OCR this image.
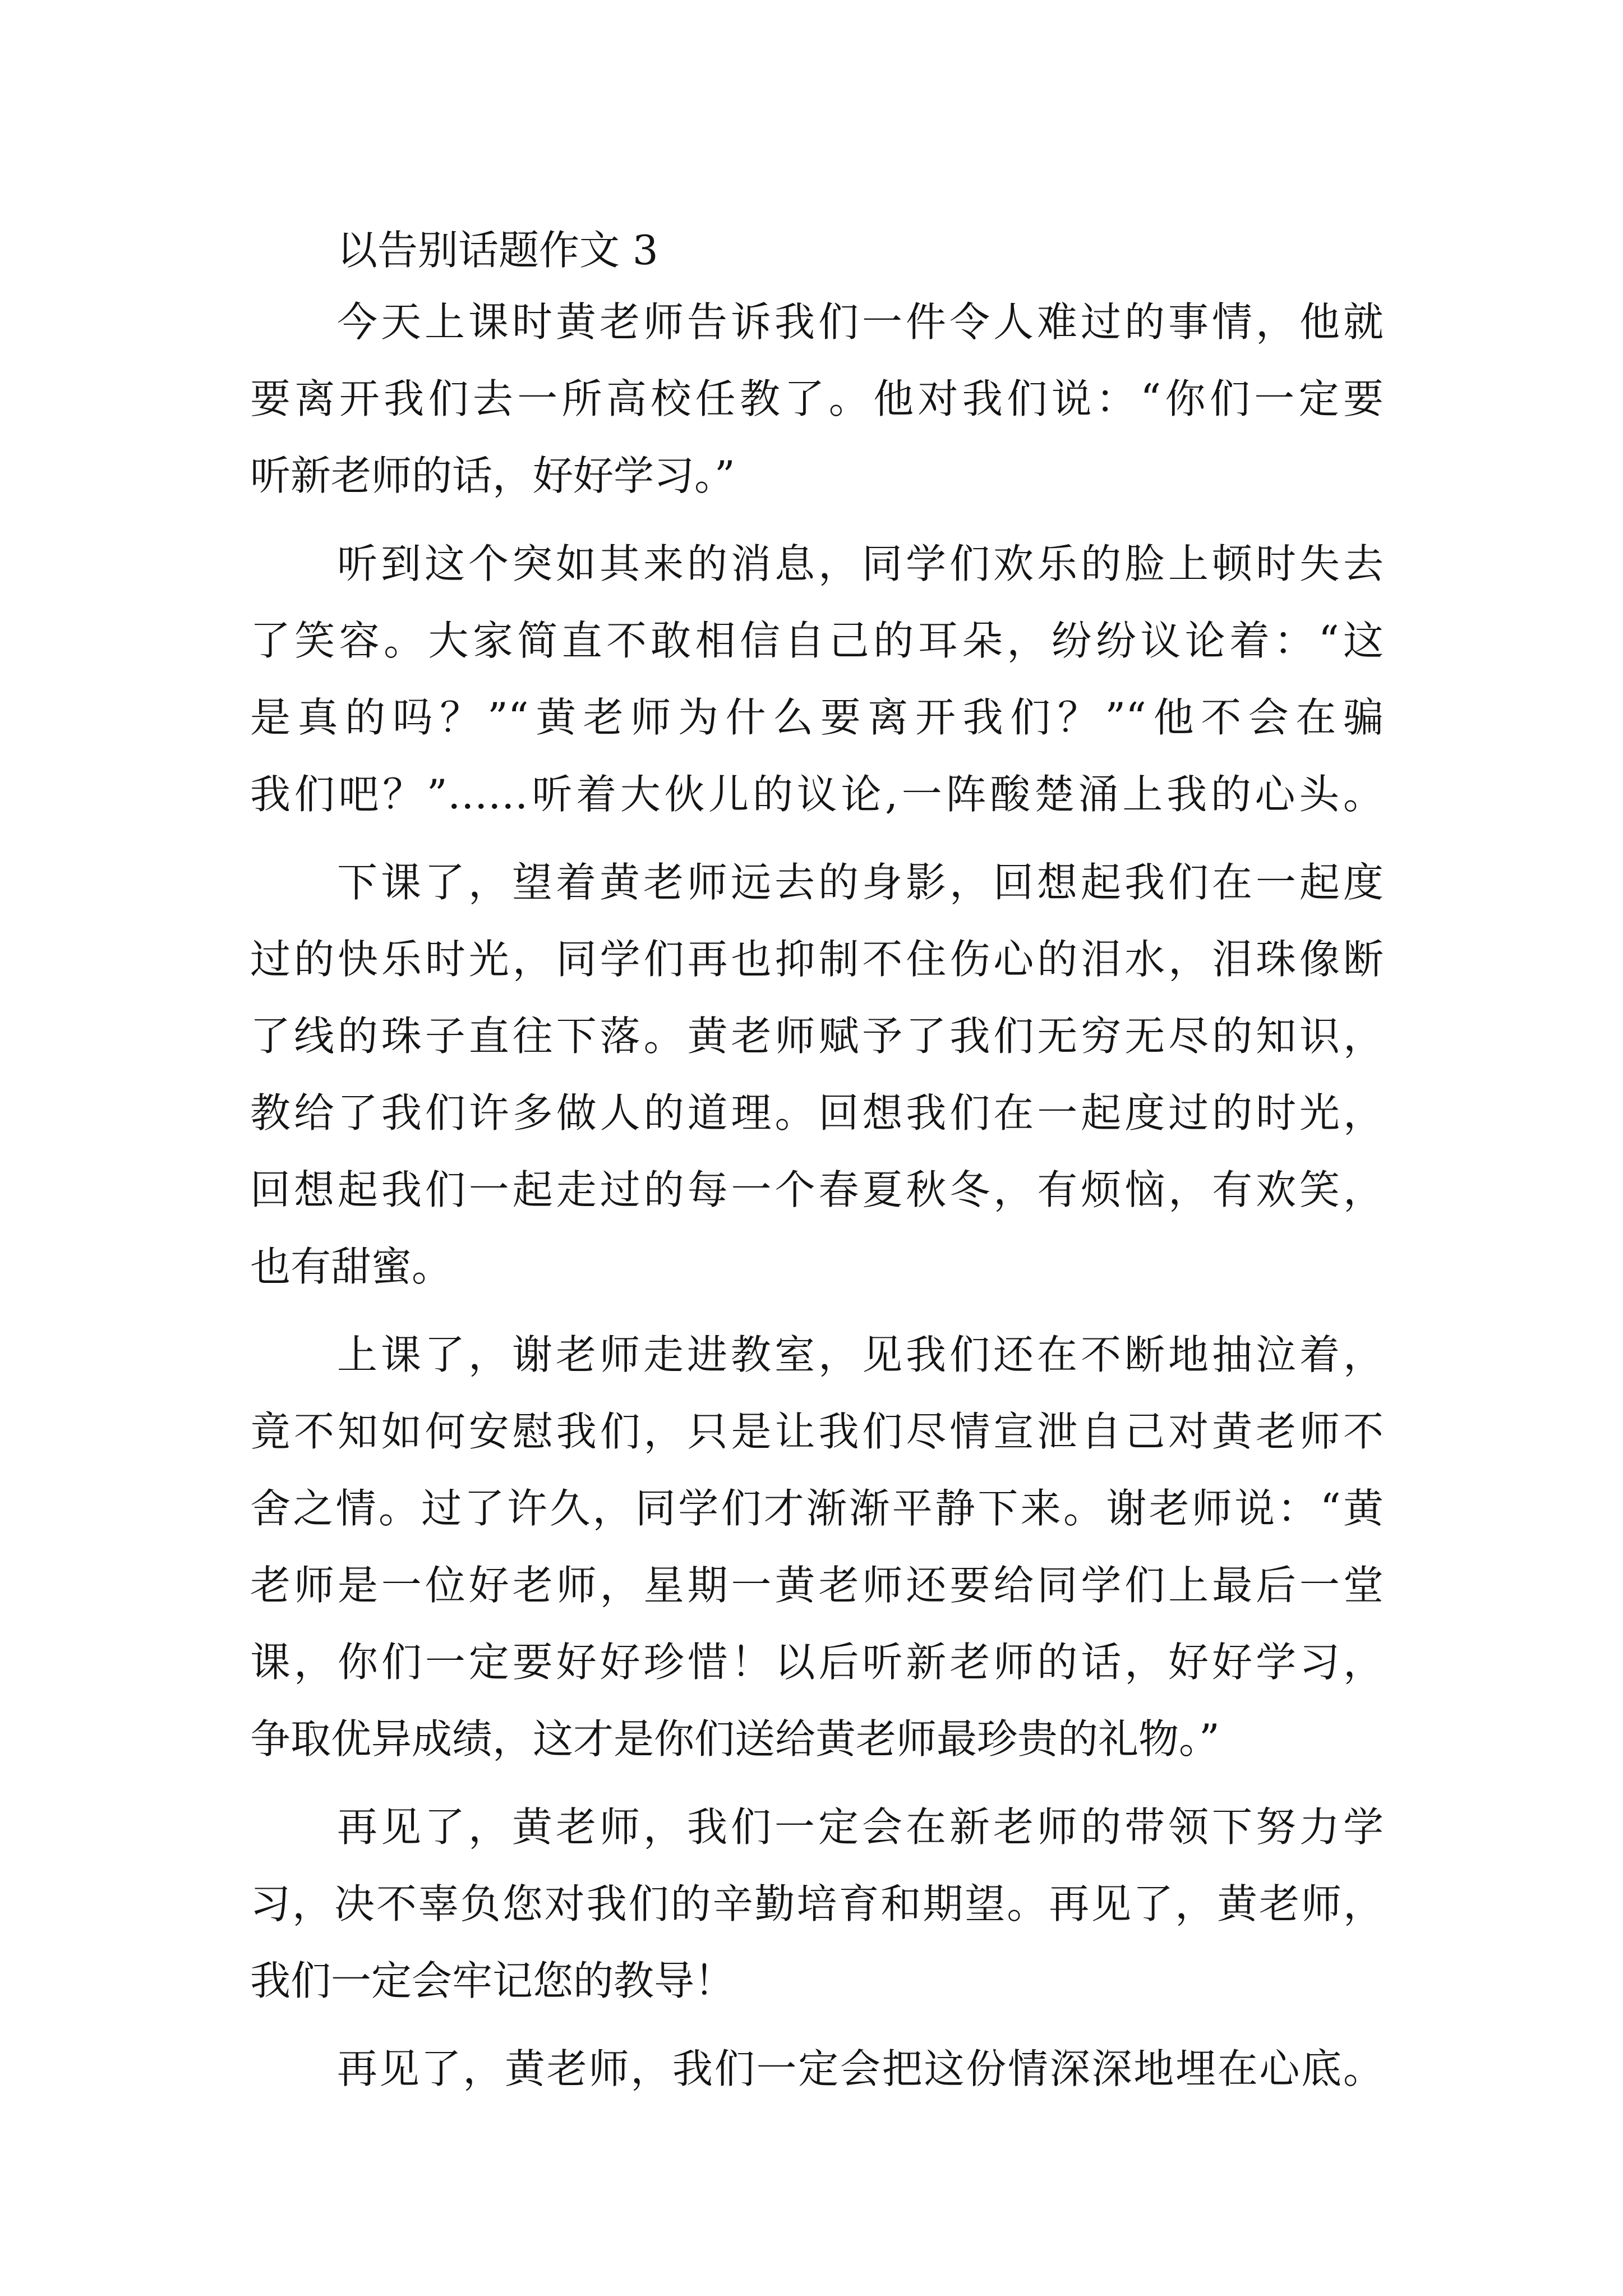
以告别话题作文 3
今天上课时黄老师告诉我们一件令人难过的事情，他就
要离开我们去一所高校任教了。他对我们说：“你们一定要
听新老师的话，好好学习。”
听到这个突如其来的消息，同学们欢乐的脸上顿时失去
了笑容。大家简直不敢相信自己的耳朵，纷纷议论着：“这
是真的吗？”“黄老师为什么要离开我们？”“他不会在骗
我们吧？”……听着大伙儿的议论,一阵酸楚涌上我的心头。
下课了，望着黄老师远去的身影，回想起我们在一起度
过的快乐时光，同学们再也抑制不住伤心的泪水，泪珠像断
了线的珠子直往下落。黄老师赋予了我们无穷无尽的知识，
教给了我们许多做人的道理。回想我们在一起度过的时光，
回想起我们一起走过的每一个春夏秋冬，有烦恼，有欢笑，
也有甜蜜。
上课了，谢老师走进教室，见我们还在不断地抽泣着，
竟不知如何安慰我们，只是让我们尽情宣泄自己对黄老师不
舍之情。过了许久，同学们才渐渐平静下来。谢老师说：“黄
老师是一位好老师，星期一黄老师还要给同学们上最后一堂
课，你们一定要好好珍惜！以后听新老师的话，好好学习，
争取优异成绩，这才是你们送给黄老师最珍贵的礼物。”
再见了，黄老师，我们一定会在新老师的带领下努力学
习，决不辜负您对我们的辛勤培育和期望。再见了，黄老师，
我们一定会牢记您的教导！
再见了，黄老师，我们一定会把这份情深深地埋在心底。
